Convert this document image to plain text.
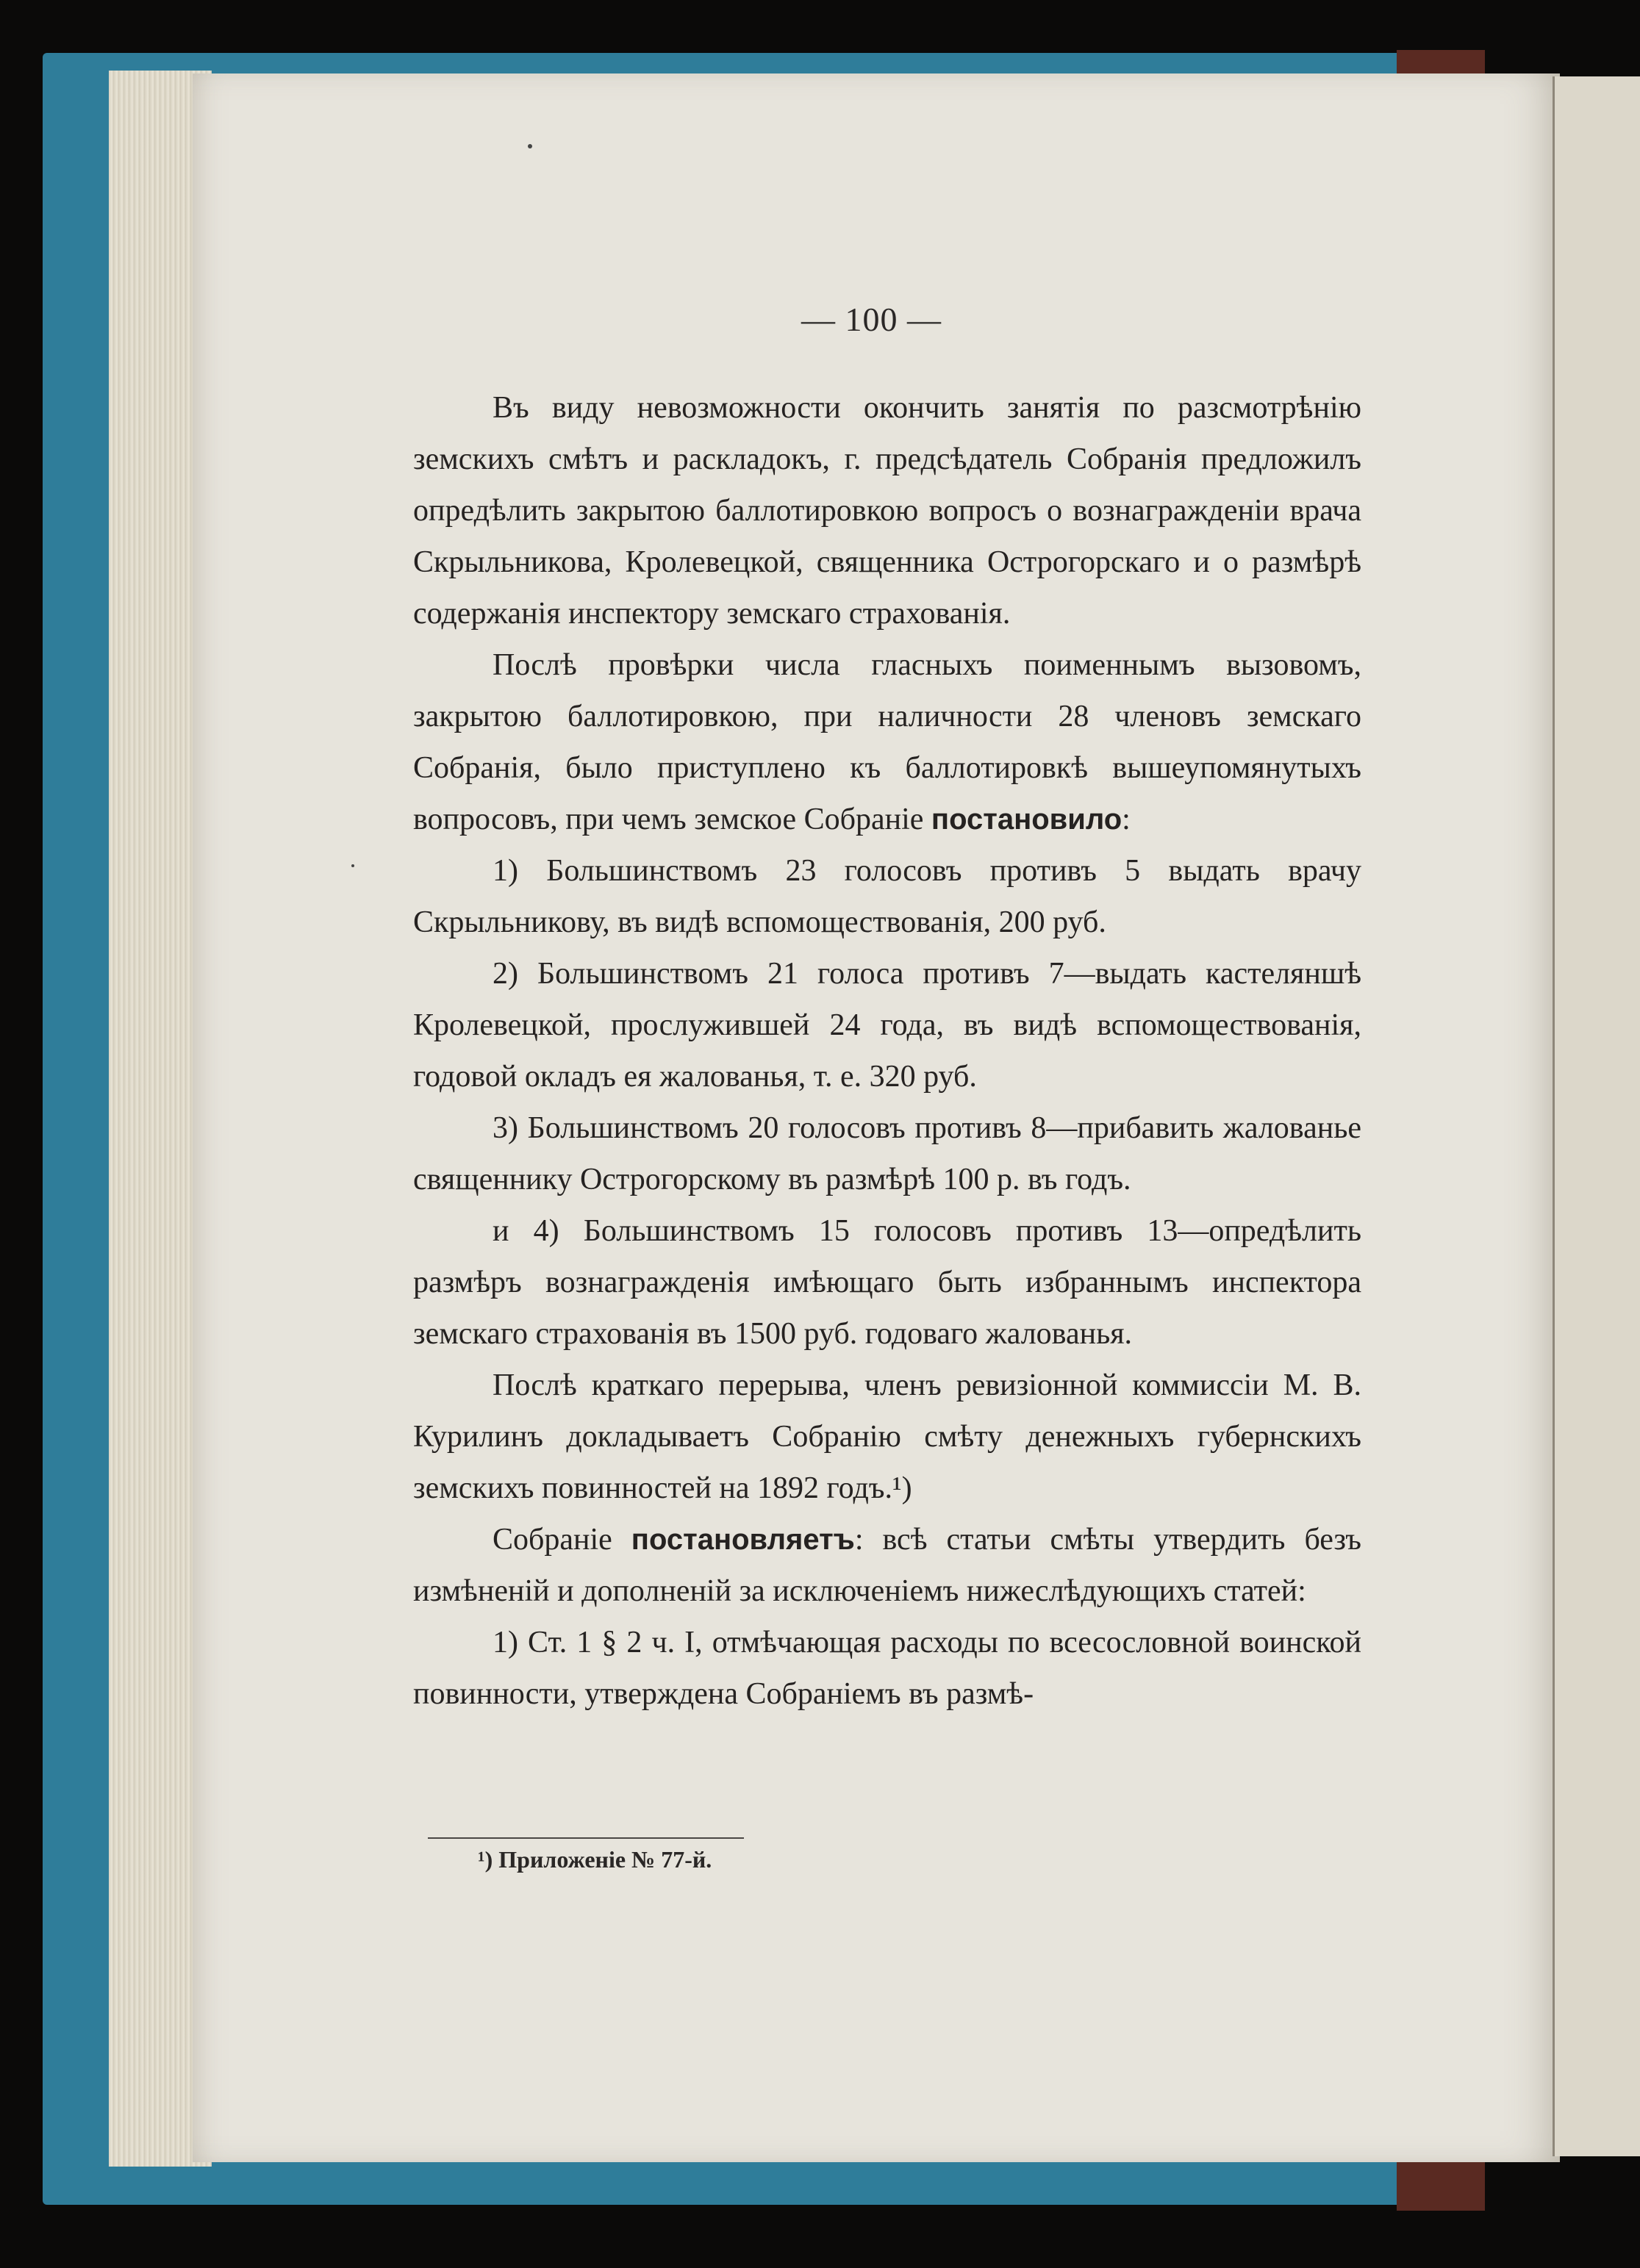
— 100 —

Въ виду невозможности окончить занятія по разсмотрѣнію земскихъ смѣтъ и раскладокъ, г. предсѣдатель Собранія предложилъ опредѣлить закрытою баллотировкою вопросъ о вознагражденіи врача Скрыльникова, Кролевецкой, священника Острогорскаго и о размѣрѣ содержанія инспектору земскаго страхованія.

Послѣ провѣрки числа гласныхъ поименнымъ вызовомъ, закрытою баллотировкою, при наличности 28 членовъ земскаго Собранія, было приступлено къ баллотировкѣ вышеупомянутыхъ вопросовъ, при чемъ земское Собраніе постановило:

1) Большинствомъ 23 голосовъ противъ 5 выдать врачу Скрыльникову, въ видѣ вспомоществованія, 200 руб.

2) Большинствомъ 21 голоса противъ 7—выдать кастеляншѣ Кролевецкой, прослужившей 24 года, въ видѣ вспомоществованія, годовой окладъ ея жалованья, т. е. 320 руб.

3) Большинствомъ 20 голосовъ противъ 8—прибавить жалованье священнику Острогорскому въ размѣрѣ 100 р. въ годъ.

и 4) Большинствомъ 15 голосовъ противъ 13—опредѣлить размѣръ вознагражденія имѣющаго быть избраннымъ инспектора земскаго страхованія въ 1500 руб. годоваго жалованья.

Послѣ краткаго перерыва, членъ ревизіонной коммиссіи М. В. Курилинъ докладываетъ Собранію смѣту денежныхъ губернскихъ земскихъ повинностей на 1892 годъ.¹)

Собраніе постановляетъ: всѣ статьи смѣты утвердить безъ измѣненій и дополненій за исключеніемъ нижеслѣдующихъ статей:

1) Ст. 1 § 2 ч. I, отмѣчающая расходы по всесословной воинской повинности, утверждена Собраніемъ въ размѣ-

¹) Приложеніе № 77-й.
